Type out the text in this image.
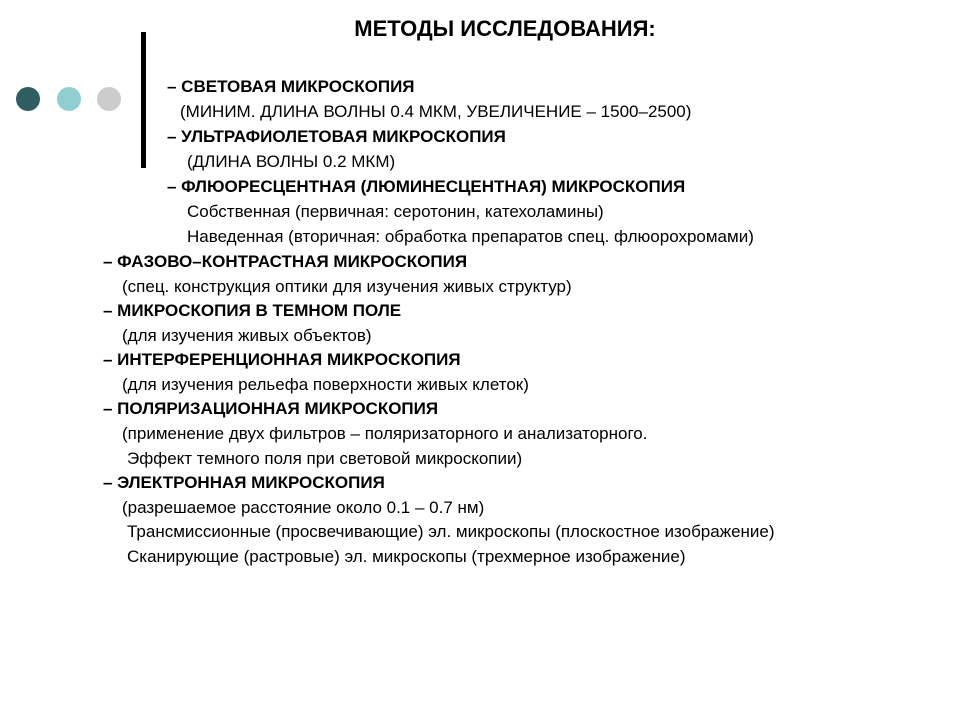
МЕТОДЫ ИССЛЕДОВАНИЯ:
– СВЕТОВАЯ МИКРОСКОПИЯ
(МИНИМ. ДЛИНА ВОЛНЫ 0.4 МКМ, УВЕЛИЧЕНИЕ – 1500–2500)
– УЛЬТРАФИОЛЕТОВАЯ МИКРОСКОПИЯ
(ДЛИНА ВОЛНЫ 0.2 МКМ)
– ФЛЮОРЕСЦЕНТНАЯ (ЛЮМИНЕСЦЕНТНАЯ) МИКРОСКОПИЯ
Собственная (первичная: серотонин, катехоламины)
Наведенная (вторичная: обработка препаратов спец. флюорохромами)
– ФАЗОВО–КОНТРАСТНАЯ МИКРОСКОПИЯ
(спец. конструкция оптики для изучения живых структур)
– МИКРОСКОПИЯ В ТЕМНОМ ПОЛЕ
(для изучения живых объектов)
– ИНТЕРФЕРЕНЦИОННАЯ МИКРОСКОПИЯ
(для изучения рельефа поверхности живых клеток)
– ПОЛЯРИЗАЦИОННАЯ МИКРОСКОПИЯ
(применение двух фильтров – поляризаторного и анализаторного.
Эффект темного поля при световой микроскопии)
– ЭЛЕКТРОННАЯ МИКРОСКОПИЯ
(разрешаемое расстояние около 0.1 – 0.7 нм)
Трансмиссионные (просвечивающие) эл. микроскопы (плоскостное изображение)
Сканирующие (растровые) эл. микроскопы (трехмерное изображение)
